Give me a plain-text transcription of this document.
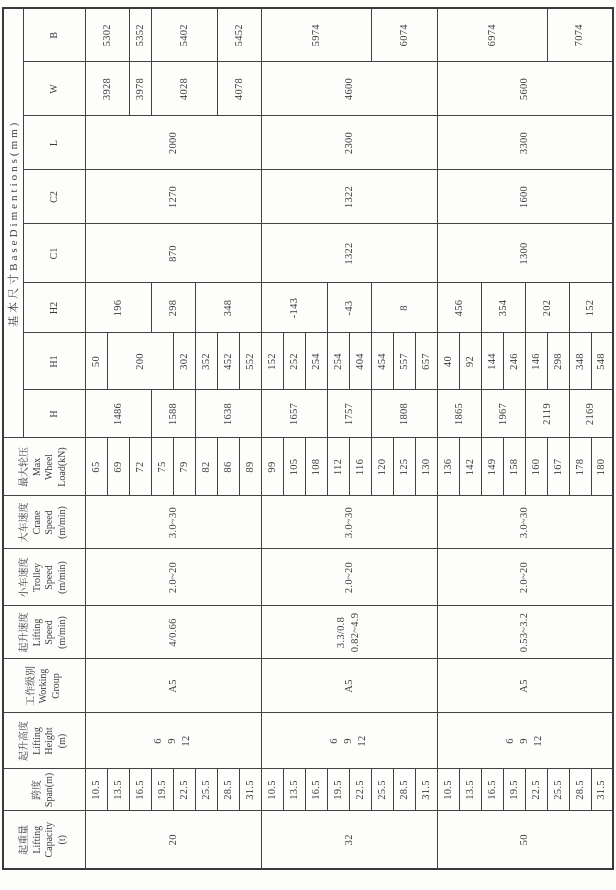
起重量 Lifting Capacity (t)	跨度 Span(m)	起升高度 Lifting Height (m)	工作级别 Working Group	起升速度 Lifting Speed (m/min)	小车速度 Trolley Speed (m/min)	大车速度 Crane Speed (m/min)	最大轮压 Max Wheel Load(kN)	基本尺寸BaseDimentions(mm)							
								H	H1	H2	C1	C2	L	W	B
20	10.5	6 9 12	A5	4/0.66	2.0~20	3.0~30	65	1486	50	196	870	1270	2000	3928	5302
	13.5						69		200						
	16.5						72							3978	5352
	19.5						75	1588		298				4028	5402
	22.5						79		302						
	25.5						82	1638	352	348					
	28.5						86		452					4078	5452
	31.5						89		552						
32	10.5	6 9 12	A5	3.3/0.8 0.82~4.9	2.0~20	3.0~30	99	1657	152	-143	1322	1322	2300	4600	5974
	13.5						105		252						
	16.5						108		254						
	19.5						112	1757	254	-43					
	22.5						116		404						
	25.5						120	1808	454	8					6074
	28.5						125		557						
	31.5						130		657						
50	10.5	6 9 12	A5	0.53~3.2	2.0~20	3.0~30	136	1865	40	456	1300	1600	3300	5600	6974
	13.5						142		92						
	16.5						149	1967	144	354					
	19.5						158		246						
	22.5						160	2119	146	202					
	25.5						167		298						7074
	28.5						178	2169	348	152					
	31.5						180		548						
